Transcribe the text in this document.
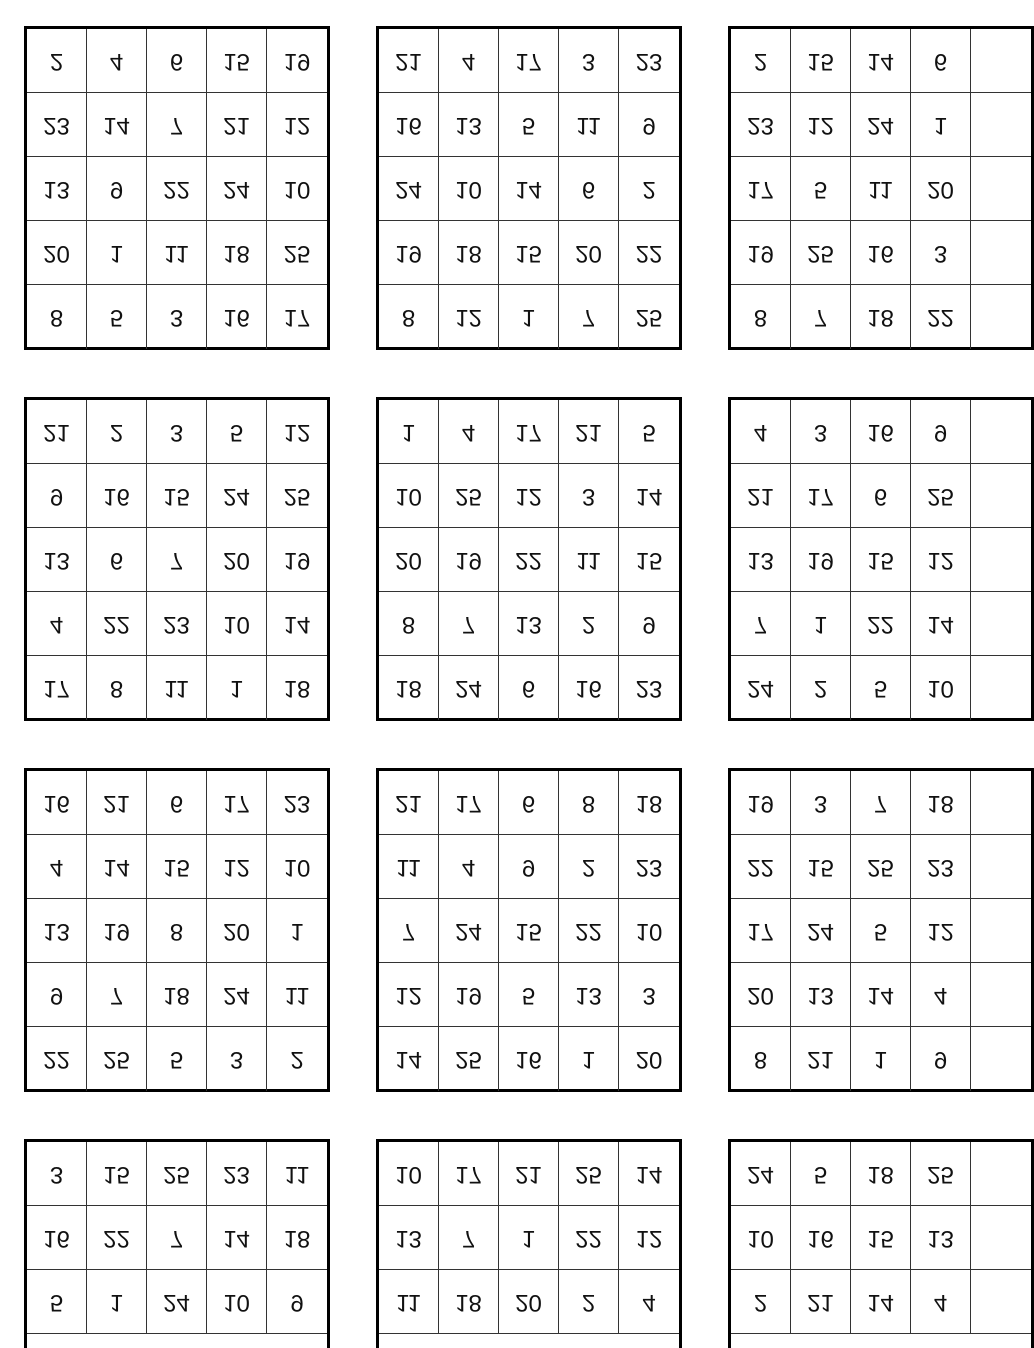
2 4 6 15 19
23 14 7 21 12
13 9 22 24 10
20 1 11 18 25
8 5 3 16 17
21 4 17 3 23
16 13 5 11 9
24 10 14 6 2
19 18 15 20 22
8 12 1 7 25
2 15 14 6
23 12 24 1
17 5 11 20
19 25 16 3
8 7 18 22
21 2 3 5 12
9 16 15 24 25
13 6 7 20 19
4 22 23 10 14
17 8 11 1 18
1 4 17 21 5
10 25 12 3 14
20 19 22 11 15
8 7 13 2 9
18 24 6 16 23
4 3 16 9
21 17 6 25
13 19 15 12
7 1 22 14
24 2 5 10
16 21 6 17 23
4 14 15 12 10
13 19 8 20 1
9 7 18 24 11
22 25 5 3 2
21 17 6 8 18
11 4 9 2 23
7 24 15 22 10
12 19 5 13 3
14 25 16 1 20
19 3 7 18
22 15 25 23
17 24 5 12
20 13 14 4
8 21 1 9
3 15 25 23 11
16 22 7 14 18
5 1 24 10 9
10 17 21 25 14
13 7 1 22 12
11 18 20 2 4
24 5 18 25
10 16 15 13
2 21 14 4
